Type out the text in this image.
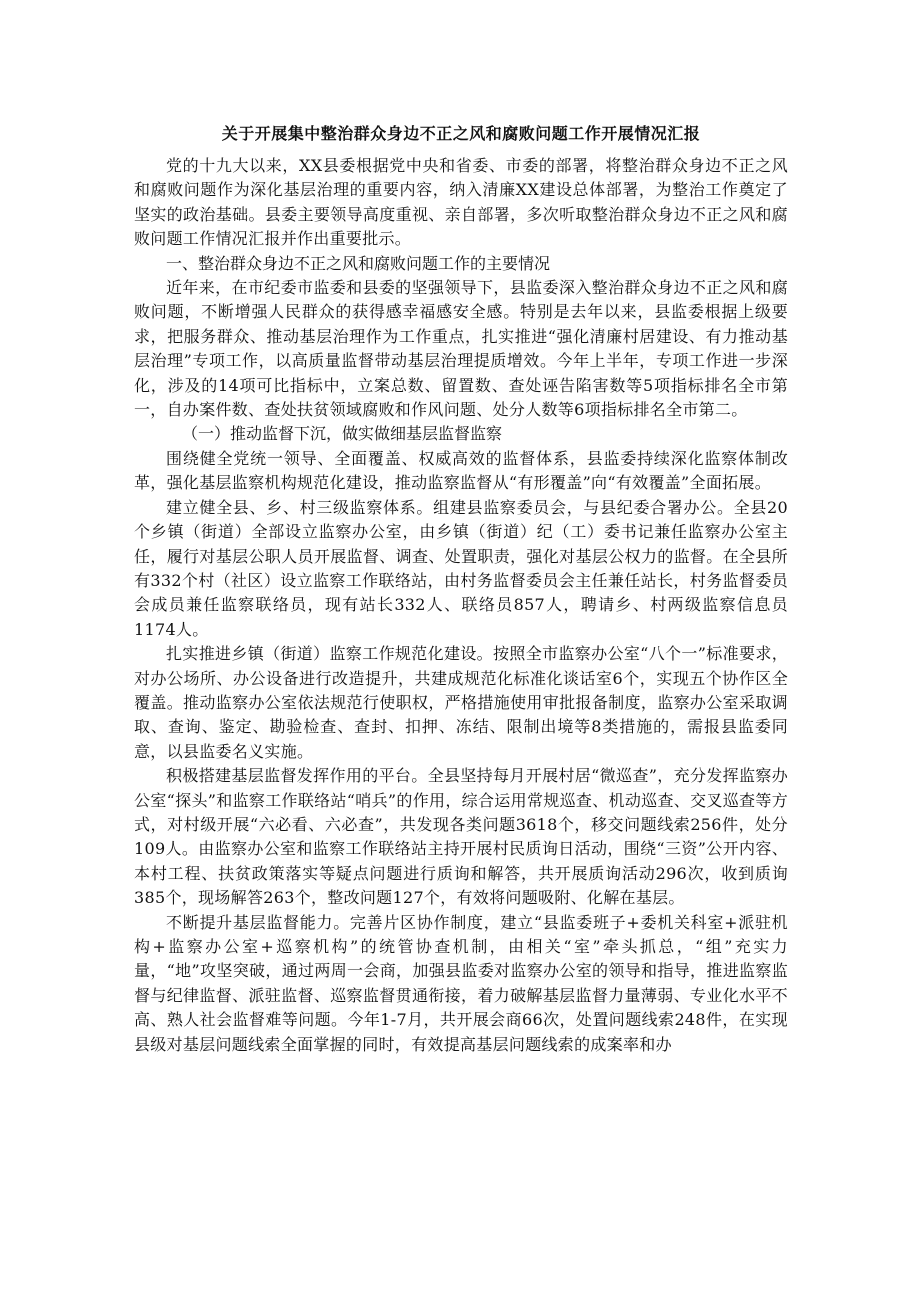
关于开展集中整治群众身边不正之风和腐败问题工作开展情况汇报

党的十九大以来，XX县委根据党中央和省委、市委的部署，将整治群众身边不正之风和腐败问题作为深化基层治理的重要内容，纳入清廉XX建设总体部署，为整治工作奠定了坚实的政治基础。县委主要领导高度重视、亲自部署，多次听取整治群众身边不正之风和腐败问题工作情况汇报并作出重要批示。

一、整治群众身边不正之风和腐败问题工作的主要情况

近年来，在市纪委市监委和县委的坚强领导下，县监委深入整治群众身边不正之风和腐败问题，不断增强人民群众的获得感幸福感安全感。特别是去年以来，县监委根据上级要求，把服务群众、推动基层治理作为工作重点，扎实推进“强化清廉村居建设、有力推动基层治理”专项工作，以高质量监督带动基层治理提质增效。今年上半年，专项工作进一步深化，涉及的14项可比指标中，立案总数、留置数、查处诬告陷害数等5项指标排名全市第一，自办案件数、查处扶贫领域腐败和作风问题、处分人数等6项指标排名全市第二。

（一）推动监督下沉，做实做细基层监督监察

围绕健全党统一领导、全面覆盖、权威高效的监督体系，县监委持续深化监察体制改革，强化基层监察机构规范化建设，推动监察监督从“有形覆盖”向“有效覆盖”全面拓展。

建立健全县、乡、村三级监察体系。组建县监察委员会，与县纪委合署办公。全县20个乡镇（街道）全部设立监察办公室，由乡镇（街道）纪（工）委书记兼任监察办公室主任，履行对基层公职人员开展监督、调查、处置职责，强化对基层公权力的监督。在全县所有332个村（社区）设立监察工作联络站，由村务监督委员会主任兼任站长，村务监督委员会成员兼任监察联络员，现有站长332人、联络员857人，聘请乡、村两级监察信息员1174人。

扎实推进乡镇（街道）监察工作规范化建设。按照全市监察办公室“八个一”标准要求，对办公场所、办公设备进行改造提升，共建成规范化标准化谈话室6个，实现五个协作区全覆盖。推动监察办公室依法规范行使职权，严格措施使用审批报备制度，监察办公室采取调取、查询、鉴定、勘验检查、查封、扣押、冻结、限制出境等8类措施的，需报县监委同意，以县监委名义实施。

积极搭建基层监督发挥作用的平台。全县坚持每月开展村居“微巡查”，充分发挥监察办公室“探头”和监察工作联络站“哨兵”的作用，综合运用常规巡查、机动巡查、交叉巡查等方式，对村级开展“六必看、六必查”，共发现各类问题3618个，移交问题线索256件，处分109人。由监察办公室和监察工作联络站主持开展村民质询日活动，围绕“三资”公开内容、本村工程、扶贫政策落实等疑点问题进行质询和解答，共开展质询活动296次，收到质询385个，现场解答263个，整改问题127个，有效将问题吸附、化解在基层。

不断提升基层监督能力。完善片区协作制度，建立“县监委班子+委机关科室+派驻机构+监察办公室+巡察机构”的统管协查机制，由相关“室”牵头抓总，“组”充实力量，“地”攻坚突破，通过两周一会商，加强县监委对监察办公室的领导和指导，推进监察监督与纪律监督、派驻监督、巡察监督贯通衔接，着力破解基层监督力量薄弱、专业化水平不高、熟人社会监督难等问题。今年1-7月，共开展会商66次，处置问题线索248件，在实现县级对基层问题线索全面掌握的同时，有效提高基层问题线索的成案率和办
